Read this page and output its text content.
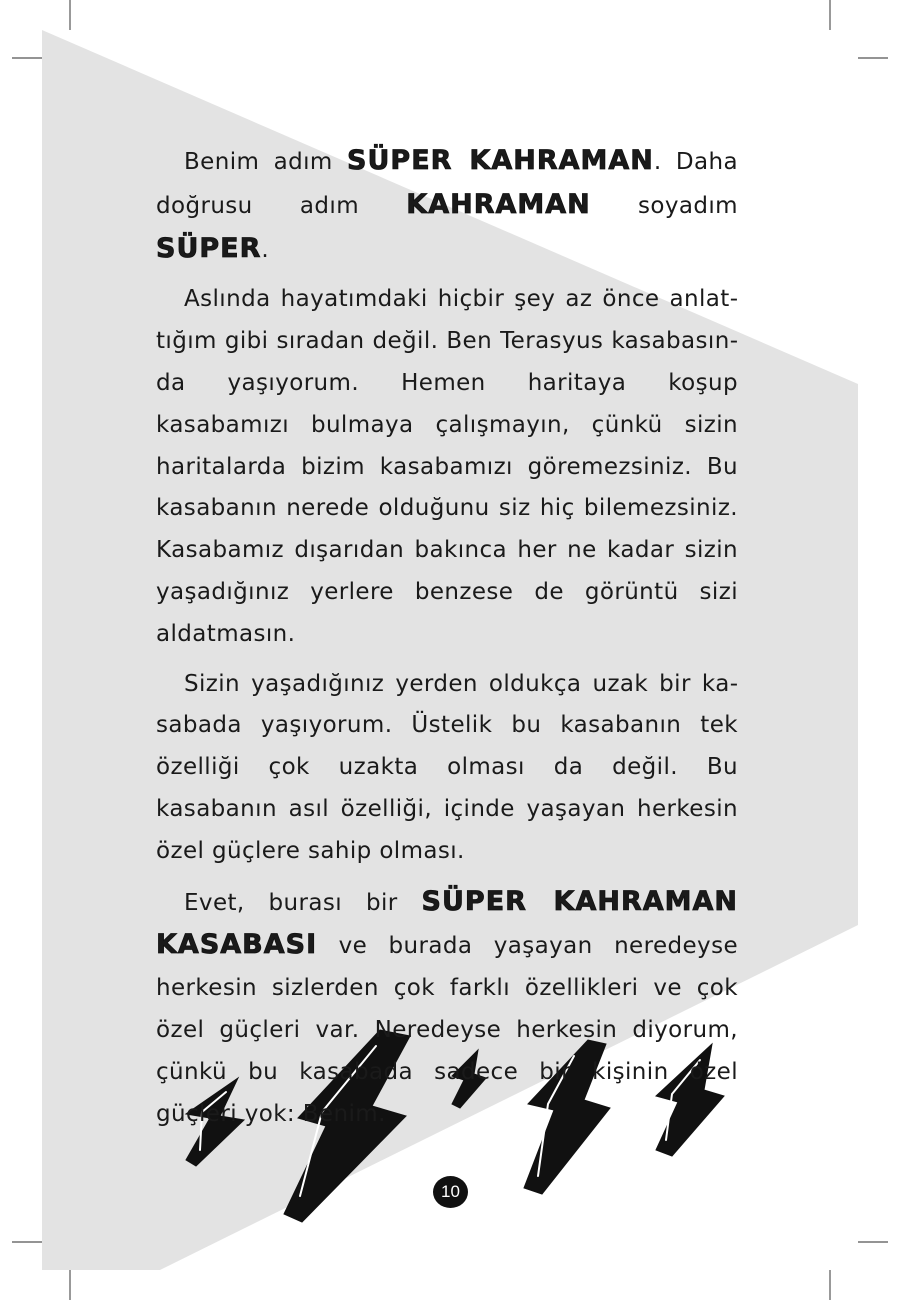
Benim adım SÜPER KAHRAMAN. Daha doğrusu adım KAHRAMAN soyadım SÜPER.

Aslında hayatımdaki hiçbir şey az önce anlattığım gibi sıradan değil. Ben Terasyus kasabasında yaşıyorum. Hemen haritaya koşup kasabamızı bulmaya çalışmayın, çünkü sizin haritalarda bizim kasabamızı göremezsiniz. Bu kasabanın nerede olduğunu siz hiç bilemezsiniz. Kasabamız dışarıdan bakınca her ne kadar sizin yaşadığınız yerlere benzese de görüntü sizi aldatmasın.

Sizin yaşadığınız yerden oldukça uzak bir kasabada yaşıyorum. Üstelik bu kasabanın tek özelliği çok uzakta olması da değil. Bu kasabanın asıl özelliği, içinde yaşayan herkesin özel güçlere sahip olması.

Evet, burası bir SÜPER KAHRAMAN KASABASI ve burada yaşayan neredeyse herkesin sizlerden çok farklı özellikleri ve çok özel güçleri var. Neredeyse herkesin diyorum, çünkü bu kasabada sadece bir kişinin özel güçleri yok: Benim.

10
